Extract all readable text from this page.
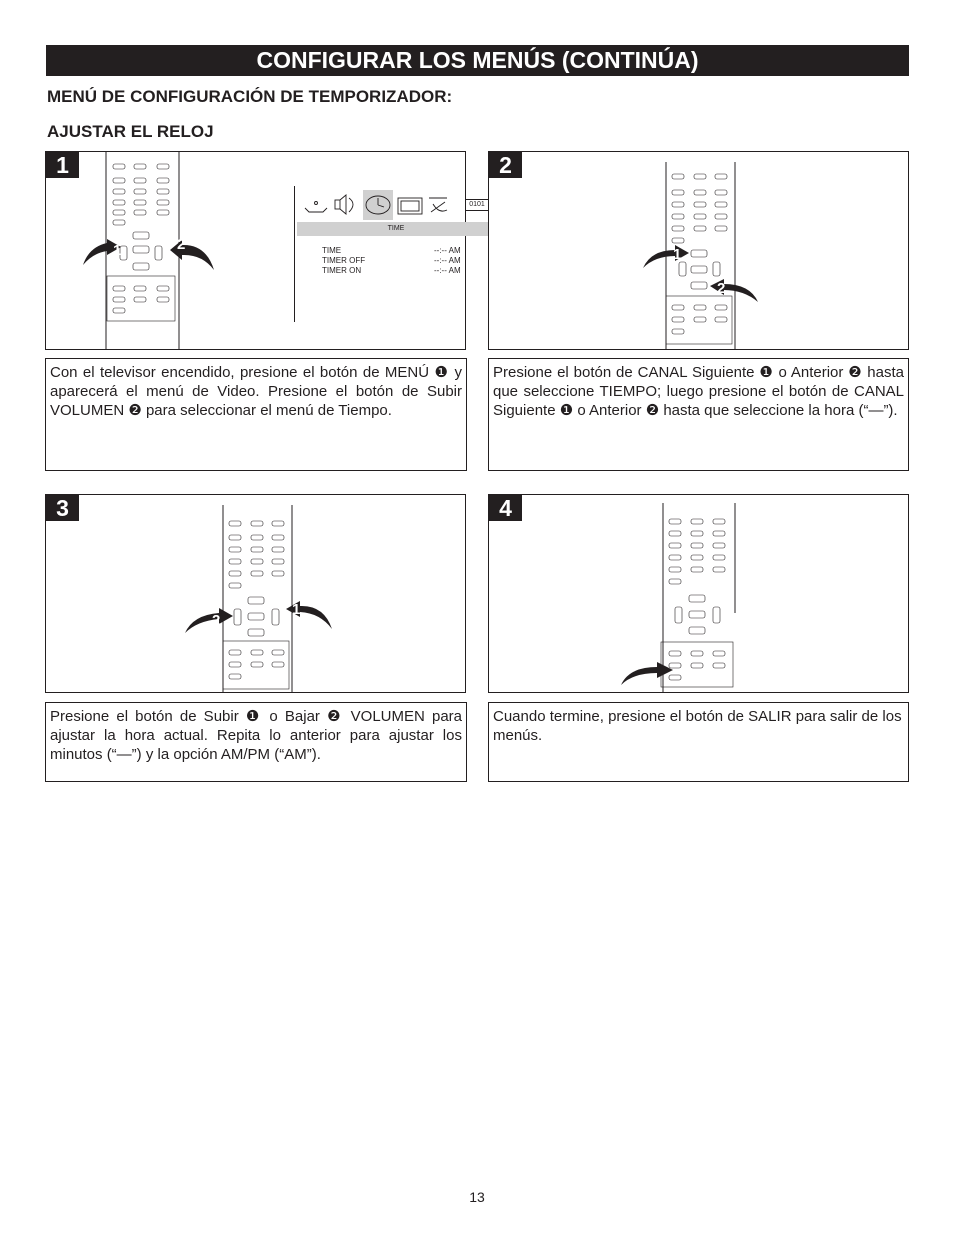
CONFIGURAR LOS MENÚS (CONTINÚA)
MENÚ DE CONFIGURACIÓN DE TEMPORIZADOR:
AJUSTAR EL RELOJ
1
1	2
0101
TIME
TIME	--:-- AM
TIMER OFF	--:-- AM
TIMER ON	--:-- AM
2
1
2
Con el televisor encendido, presione el botón de MENÚ ❶ y aparecerá el menú de Video. Presione el botón de Subir VOLUMEN ❷ para seleccionar el menú de Tiempo.
Presione el botón de CANAL Siguiente ❶ o Anterior ❷ hasta que seleccione TIEMPO; luego presione el botón de CANAL Siguiente ❶ o Anterior ❷ hasta que seleccione la hora (“—”).
3
2
1
4
Presione el botón de Subir ❶ o Bajar ❷ VOLUMEN para ajustar la hora actual. Repita lo anterior para ajustar los minutos (“—”) y la opción AM/PM (“AM”).
Cuando termine, presione el botón de SALIR para salir de los menús.
13
